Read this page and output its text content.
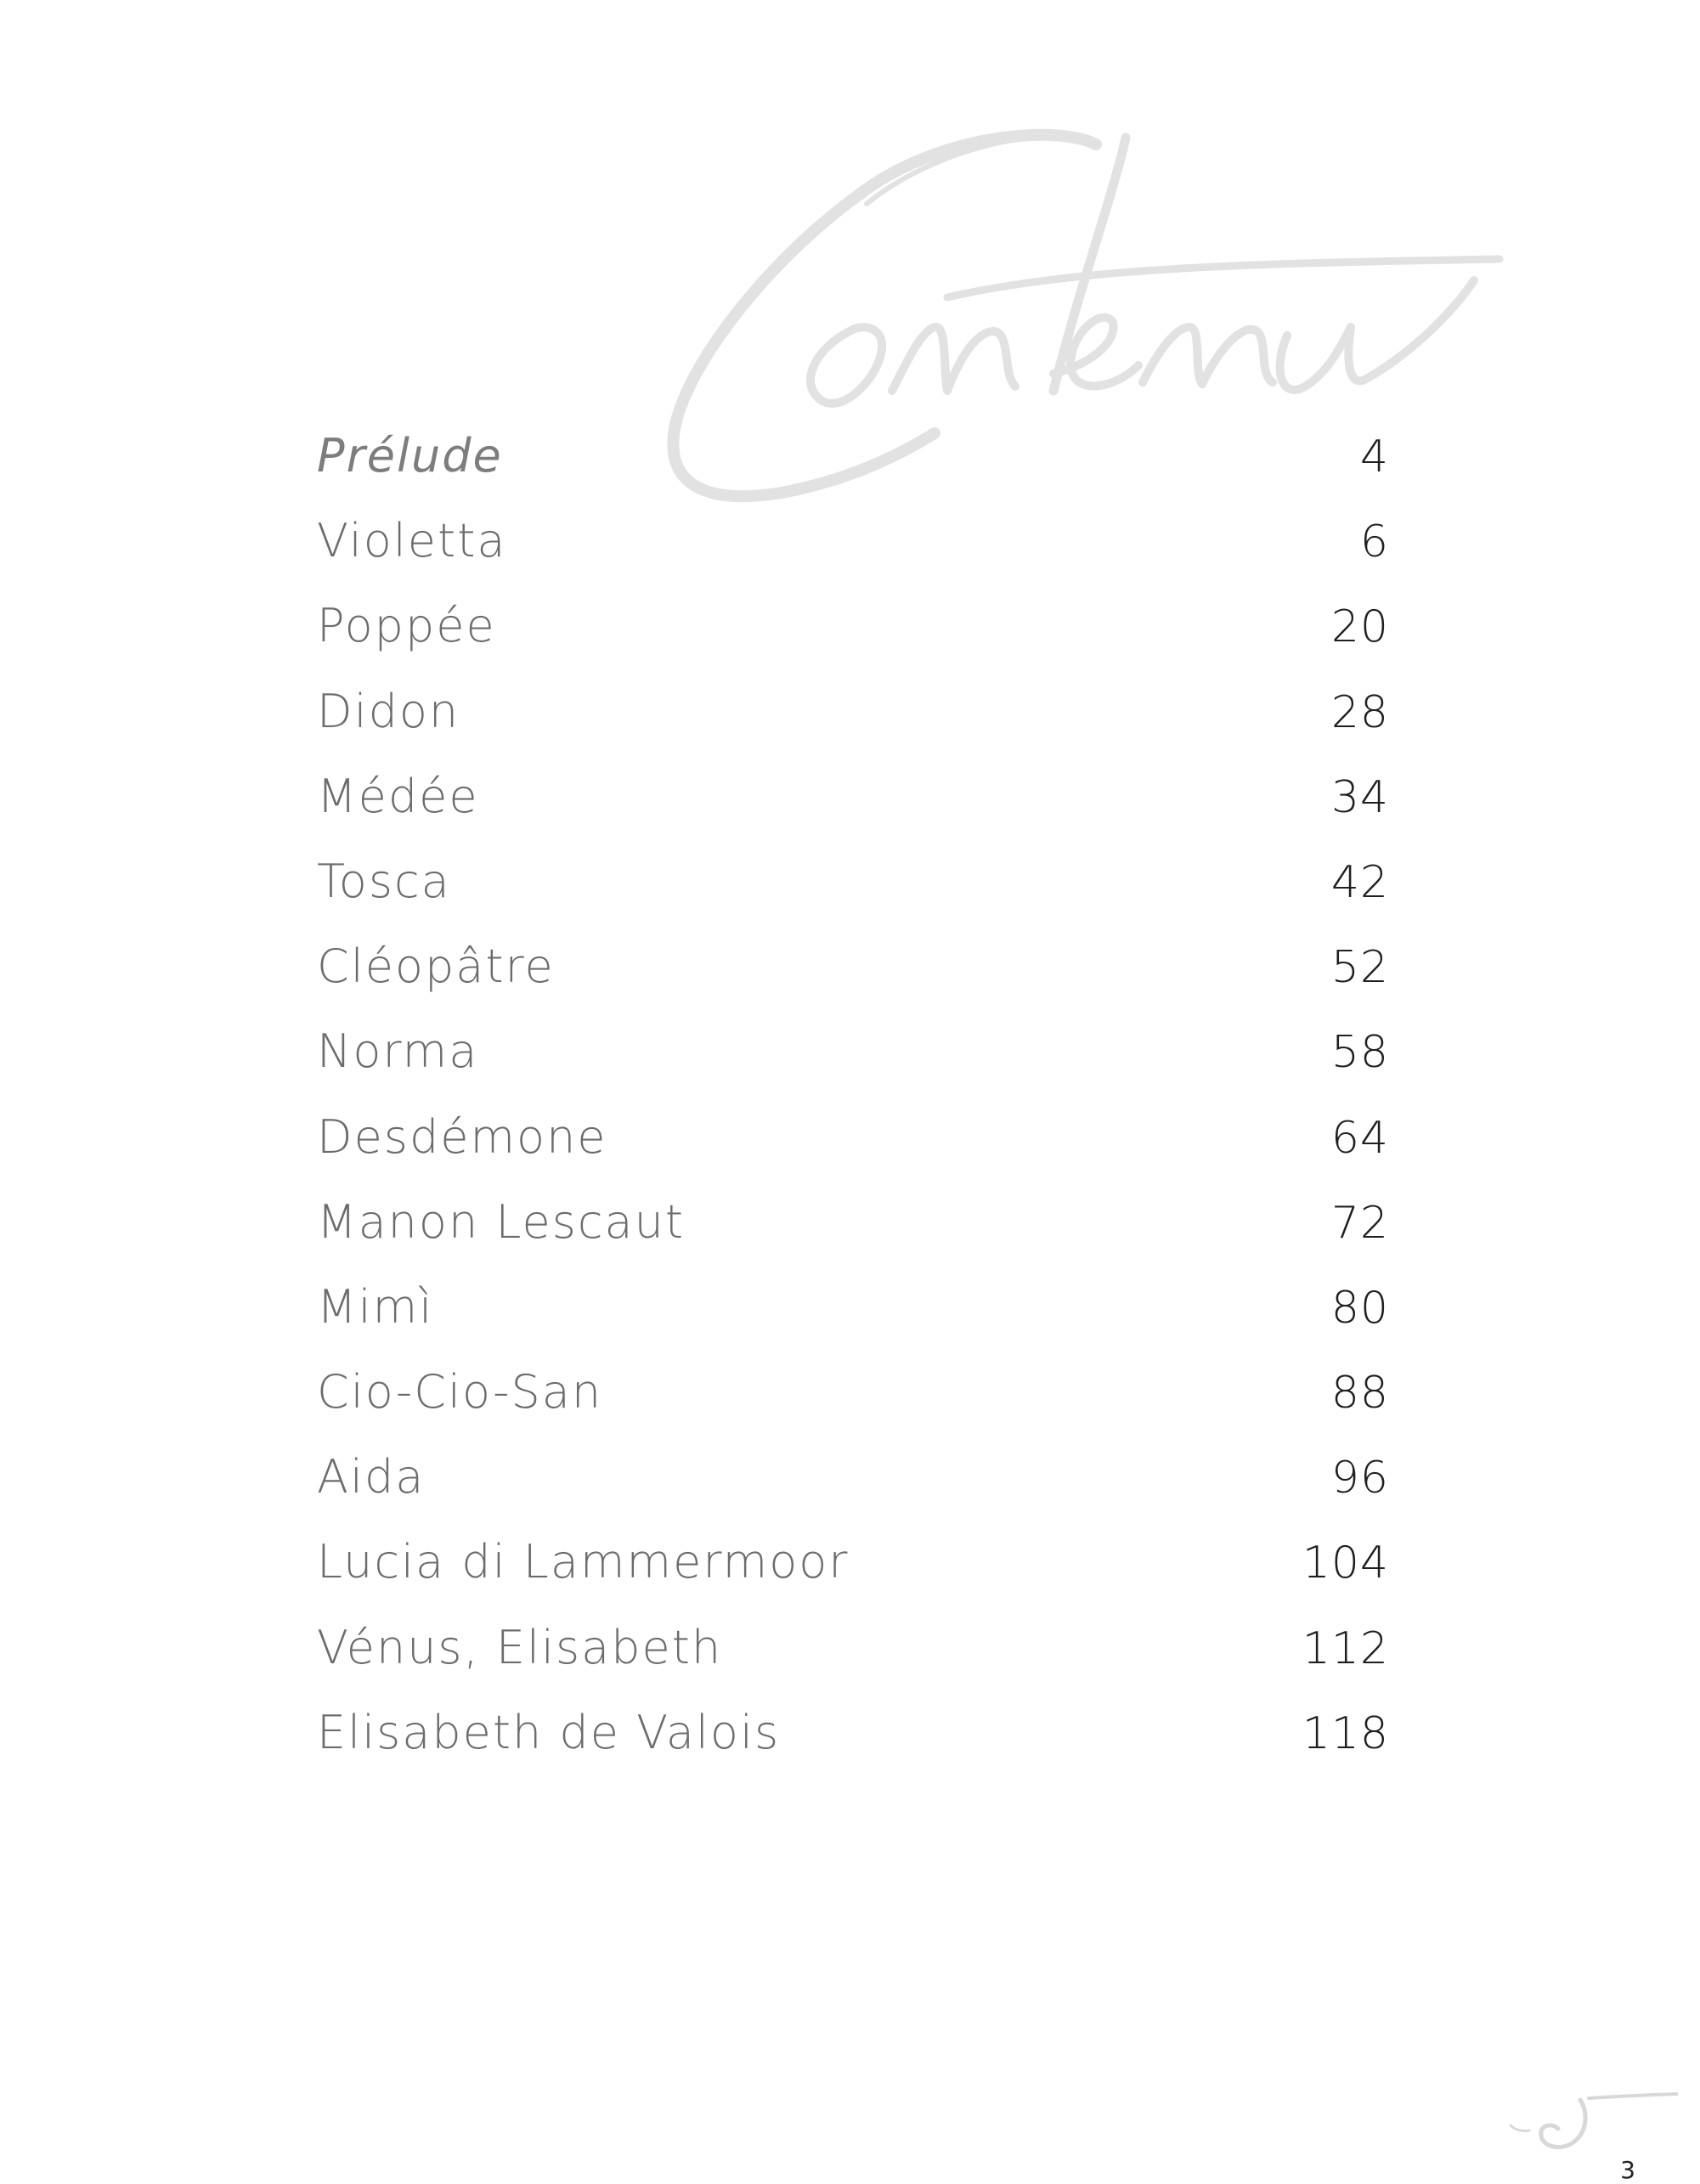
Prélude	4
Violetta	6
Poppée	20
Didon	28
Médée	34
Tosca	42
Cléopâtre	52
Norma	58
Desdémone	64
Manon Lescaut	72
Mimì	80
Cio-Cio-San	88
Aida	96
Lucia di Lammermoor	104
Vénus, Elisabeth	112
Elisabeth de Valois	118
3
